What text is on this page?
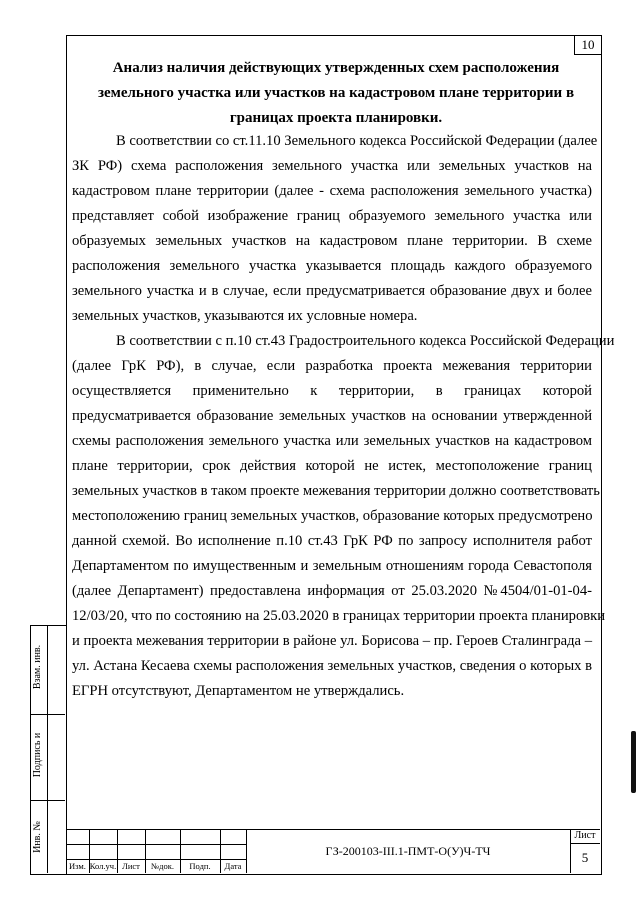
10
Анализ наличия действующих утвержденных схем расположения
земельного участка или участков на кадастровом плане территории в
границах проекта планировки.
В соответствии со ст.11.10 Земельного кодекса Российской Федерации (далее
ЗК РФ) схема расположения земельного участка или земельных участков на
кадастровом плане территории (далее - схема расположения земельного участка)
представляет собой изображение границ образуемого земельного участка или
образуемых земельных участков на кадастровом плане территории. В схеме
расположения земельного участка указывается площадь каждого образуемого
земельного участка и в случае, если предусматривается образование двух и более
земельных участков, указываются их условные номера.
В соответствии с п.10 ст.43 Градостроительного кодекса Российской Федерации
(далее ГрК РФ), в случае, если разработка проекта межевания территории
осуществляется применительно к территории, в границах которой
предусматривается образование земельных участков на основании утвержденной
схемы расположения земельного участка или земельных участков на кадастровом
плане территории, срок действия которой не истек, местоположение границ
земельных участков в таком проекте межевания территории должно соответствовать
местоположению границ земельных участков, образование которых предусмотрено
данной схемой. Во исполнение п.10 ст.43 ГрК РФ по запросу исполнителя работ
Департаментом по имущественным и земельным отношениям города Севастополя
(далее Департамент) предоставлена информация от 25.03.2020 №4504/01-01-04-
12/03/20, что по состоянию на 25.03.2020 в границах территории проекта планировки
и проекта межевания территории в районе ул. Борисова – пр. Героев Сталинграда –
ул. Астана Кесаева схемы расположения земельных участков, сведения о которых в
ЕГРН отсутствуют, Департаментом не утверждались.
Взам. инв.
Подпись и
Инв. №
Изм. Кол.уч. Лист	№док.	Подп.	Дата
ГЗ-200103-III.1-ПМТ-О(У)Ч-ТЧ
Лист
5
